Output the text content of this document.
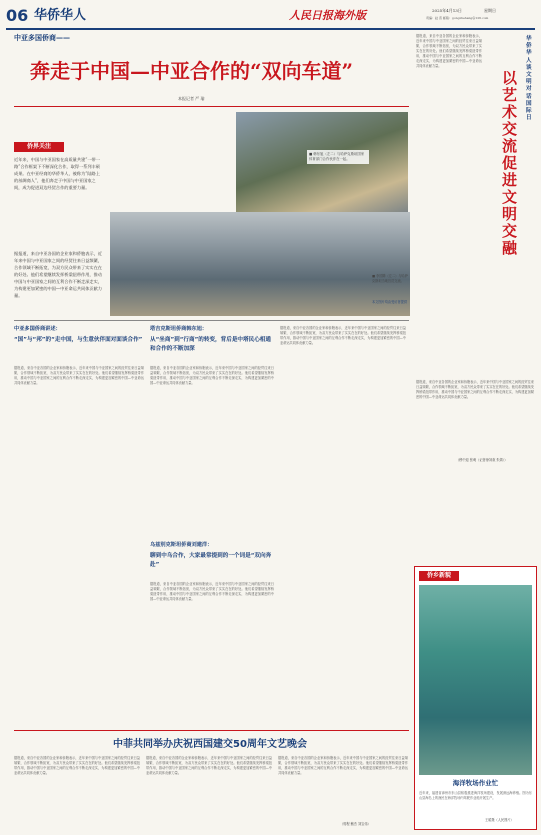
06 华侨华人	人民日报海外版	2025年4月13日	星期日
责编：赵 晋 邮箱：gongzhehang@126.com
中亚多国侨商——
奔走于中国—中亚合作的“双向车道”
本报记者 严 瑜
■ 韩东旭（左二）与哈萨克斯坦国家体育部门合作伙伴在一起。
侨界关注
近年来，中国与中亚国家在高质量共建“一带一路”合作框架下不断深化合作，取得一系列丰硕成果。在中亚经商的华侨华人，被称为“陆路上的丝绸商人”，他们奔走于中国与中亚国家之间，成为促进双边经贸合作的重要力量。
据报道，来自中亚各国的企业家和侨胞表示，近年来中国与中亚国家之间的经贸往来日益频繁，合作领域不断拓宽，为双方民众带来了实实在在的好处。他们希望继续发挥桥梁纽带作用，推动中国与中亚国家之间的互利合作不断走深走实，为构建更加紧密的中国—中亚命运共同体贡献力量。
■ 李国腾（左二）与哈萨克斯坦当地官员交流。
本文图片均由受访者提供
中亚多国侨商讲述：
“国”与“邦”的“走中国，与生意伙伴面对面谈合作”
据报道，来自中亚各国的企业家和侨胞表示，近年来中国与中亚国家之间的经贸往来日益频繁，合作领域不断拓宽，为双方民众带来了实实在在的好处。他们希望继续发挥桥梁纽带作用，推动中国与中亚国家之间的互利合作不断走深走实，为构建更加紧密的中国—中亚命运共同体贡献力量。
塔吉克斯坦侨商韩东旭：
从“坐商”到“行商”的转变，背后是中塔民心相通和合作的不断加深
据报道，来自中亚各国的企业家和侨胞表示，近年来中国与中亚国家之间的经贸往来日益频繁，合作领域不断拓宽，为双方民众带来了实实在在的好处。他们希望继续发挥桥梁纽带作用，推动中国与中亚国家之间的互利合作不断走深走实，为构建更加紧密的中国—中亚命运共同体贡献力量。
乌兹别克斯坦侨商刘建洋：
聊到中乌合作，大家最常提到的一个词是“双向奔赴”
据报道，来自中亚各国的企业家和侨胞表示，近年来中国与中亚国家之间的经贸往来日益频繁，合作领域不断拓宽，为双方民众带来了实实在在的好处。他们希望继续发挥桥梁纽带作用，推动中国与中亚国家之间的互利合作不断走深走实，为构建更加紧密的中国—中亚命运共同体贡献力量。
据报道，来自中亚各国的企业家和侨胞表示，近年来中国与中亚国家之间的经贸往来日益频繁，合作领域不断拓宽，为双方民众带来了实实在在的好处。他们希望继续发挥桥梁纽带作用，推动中国与中亚国家之间的互利合作不断走深走实，为构建更加紧密的中国—中亚命运共同体贡献力量。
据报道，来自中亚各国的企业家和侨胞表示，近年来中国与中亚国家之间的经贸往来日益频繁，合作领域不断拓宽，为双方民众带来了实实在在的好处。他们希望继续发挥桥梁纽带作用，推动中国与中亚国家之间的互利合作不断走深走实，为构建更加紧密的中国—中亚命运共同体贡献力量。
华侨华人谈文明对话国际日
以艺术交流促进文明交融
据报道，来自中亚各国的企业家和侨胞表示，近年来中国与中亚国家之间的经贸往来日益频繁，合作领域不断拓宽，为双方民众带来了实实在在的好处。他们希望继续发挥桥梁纽带作用，推动中国与中亚国家之间的互利合作不断走深走实，为构建更加紧密的中国—中亚命运共同体贡献力量。
（穆中迎 张萌（记者徐刘欢 朱婧））
侨乡新貌
海洋牧场作业忙
近年来，福建省漳州市东山县积极推进海洋牧场建设，发展深远海养殖。图为东山县海岛上的渔民在海洋牧场内驾驶作业船开展生产。
王昭摄（人民图片）
中菲共同举办庆祝西国建交50周年文艺晚会
据报道，来自中亚各国的企业家和侨胞表示，近年来中国与中亚国家之间的经贸往来日益频繁，合作领域不断拓宽，为双方民众带来了实实在在的好处。他们希望继续发挥桥梁纽带作用，推动中国与中亚国家之间的互利合作不断走深走实，为构建更加紧密的中国—中亚命运共同体贡献力量。
据报道，来自中亚各国的企业家和侨胞表示，近年来中国与中亚国家之间的经贸往来日益频繁，合作领域不断拓宽，为双方民众带来了实实在在的好处。他们希望继续发挥桥梁纽带作用，推动中国与中亚国家之间的互利合作不断走深走实，为构建更加紧密的中国—中亚命运共同体贡献力量。
据报道，来自中亚各国的企业家和侨胞表示，近年来中国与中亚国家之间的经贸往来日益频繁，合作领域不断拓宽，为双方民众带来了实实在在的好处。他们希望继续发挥桥梁纽带作用，推动中国与中亚国家之间的互利合作不断走深走实，为构建更加紧密的中国—中亚命运共同体贡献力量。
（郭程 鲍杰 刘宝伟）
